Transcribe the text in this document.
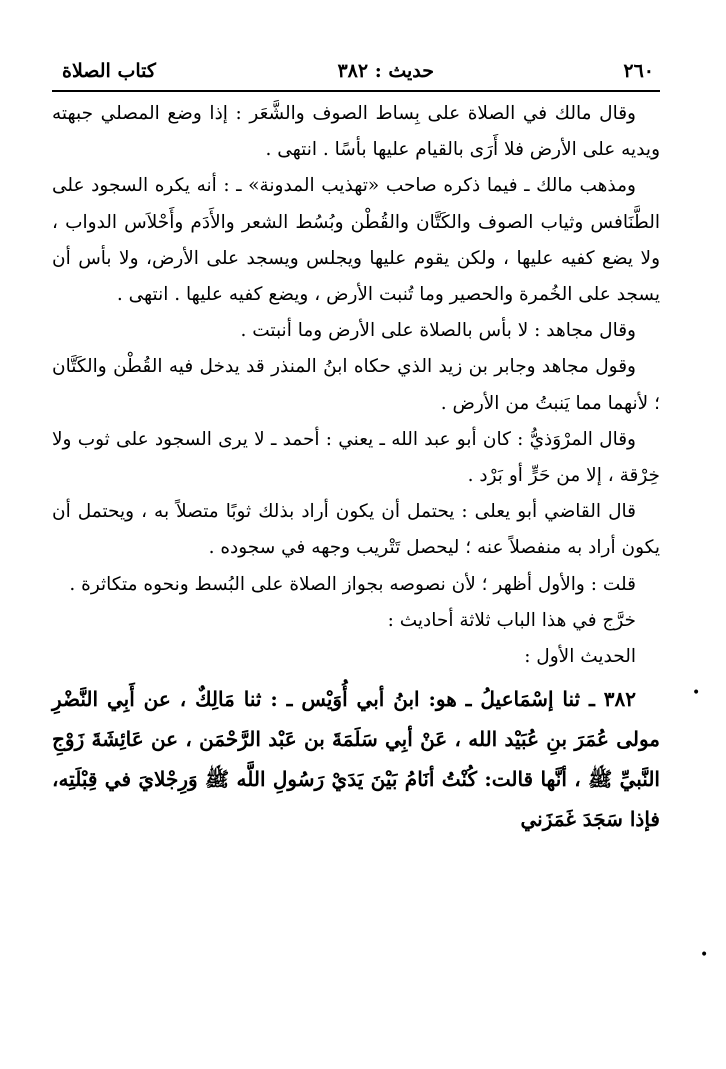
٢٦٠
حديث : ٣٨٢
كتاب الصلاة

وقال مالك في الصلاة على بِساط الصوف والشَّعَر : إذا وضع المصلي جبهته ويديه على الأرض فلا أَرَى بالقيام عليها بأسًا . انتهى .

ومذهب مالك ـ فيما ذكره صاحب «تهذيب المدونة» ـ : أنه يكره السجود على الطَّنَافس وثياب الصوف والكَتَّان والقُطْن وبُسُط الشعر والأَدَم وأَحْلاَس الدواب ، ولا يضع كفيه عليها ، ولكن يقوم عليها ويجلس ويسجد على الأرض، ولا بأس أن يسجد على الخُمرة والحصير وما تُنبت الأرض ، ويضع كفيه عليها . انتهى .

وقال مجاهد : لا بأس بالصلاة على الأرض وما أنبتت .

وقول مجاهد وجابر بن زيد الذي حكاه ابنُ المنذر قد يدخل فيه القُطْن والكَتَّان ؛ لأنهما مما يَنبتُ من الأرض .

وقال المرْوَذيُّ : كان أبو عبد الله ـ يعني : أحمد ـ لا يرى السجود على ثوب ولا خِرْقة ، إلا من حَرٍّ أو بَرْد .

قال القاضي أبو يعلى : يحتمل أن يكون أراد بذلك ثوبًا متصلاً به ، ويحتمل أن يكون أراد به منفصلاً عنه ؛ ليحصل تَتْريب وجهه في سجوده .

قلت : والأول أظهر ؛ لأن نصوصه بجواز الصلاة على البُسط ونحوه متكاثرة .

خرَّج في هذا الباب ثلاثة أحاديث :

الحديث الأول :

٣٨٢ ـ ثنا إسْمَاعيلُ ـ هو: ابنُ أبي أُوَيْس ـ : ثنا مَالِكٌ ، عن أَبِي النَّضْرِ مولى عُمَرَ بنِ عُبَيْد الله ، عَنْ أبِي سَلَمَةَ بن عَبْد الرَّحْمَن ، عن عَائِشَةَ زَوْجِ النَّبيِّ ﷺ ، أنَّها قالت: كُنْتُ أنَامُ بَيْنَ يَدَيْ رَسُولِ اللَّه ﷺ وَرِجْلايَ في قِبْلَتِه، فإذا سَجَدَ غَمَزَني

•
•
